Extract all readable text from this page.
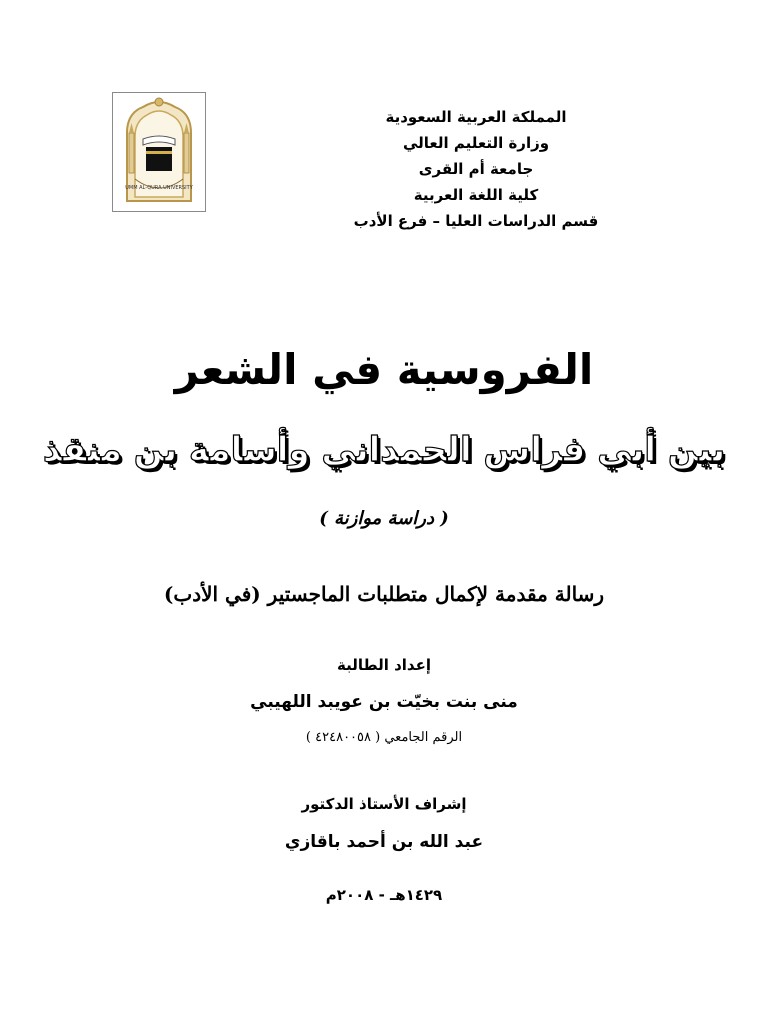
UMM AL-QURA UNIVERSITY
المملكة العربية السعودية
وزارة التعليم العالي
جامعة أم القرى
كلية اللغة العربية
قسم الدراسات العليا – فرع الأدب
الفروسية في الشعر
بين أبي فراس الحمداني وأسامة بن منقذ
( دراسة موازنة )
رسالة مقدمة لإكمال متطلبات الماجستير (في الأدب)
إعداد الطالبة
منى بنت بخيّت بن عويبد اللهيبي
الرقم الجامعي ( ٤٢٤٨٠٠٥٨ )
إشراف الأستاذ الدكتور
عبد الله بن أحمد باقازي
١٤٢٩هـ - ٢٠٠٨م
